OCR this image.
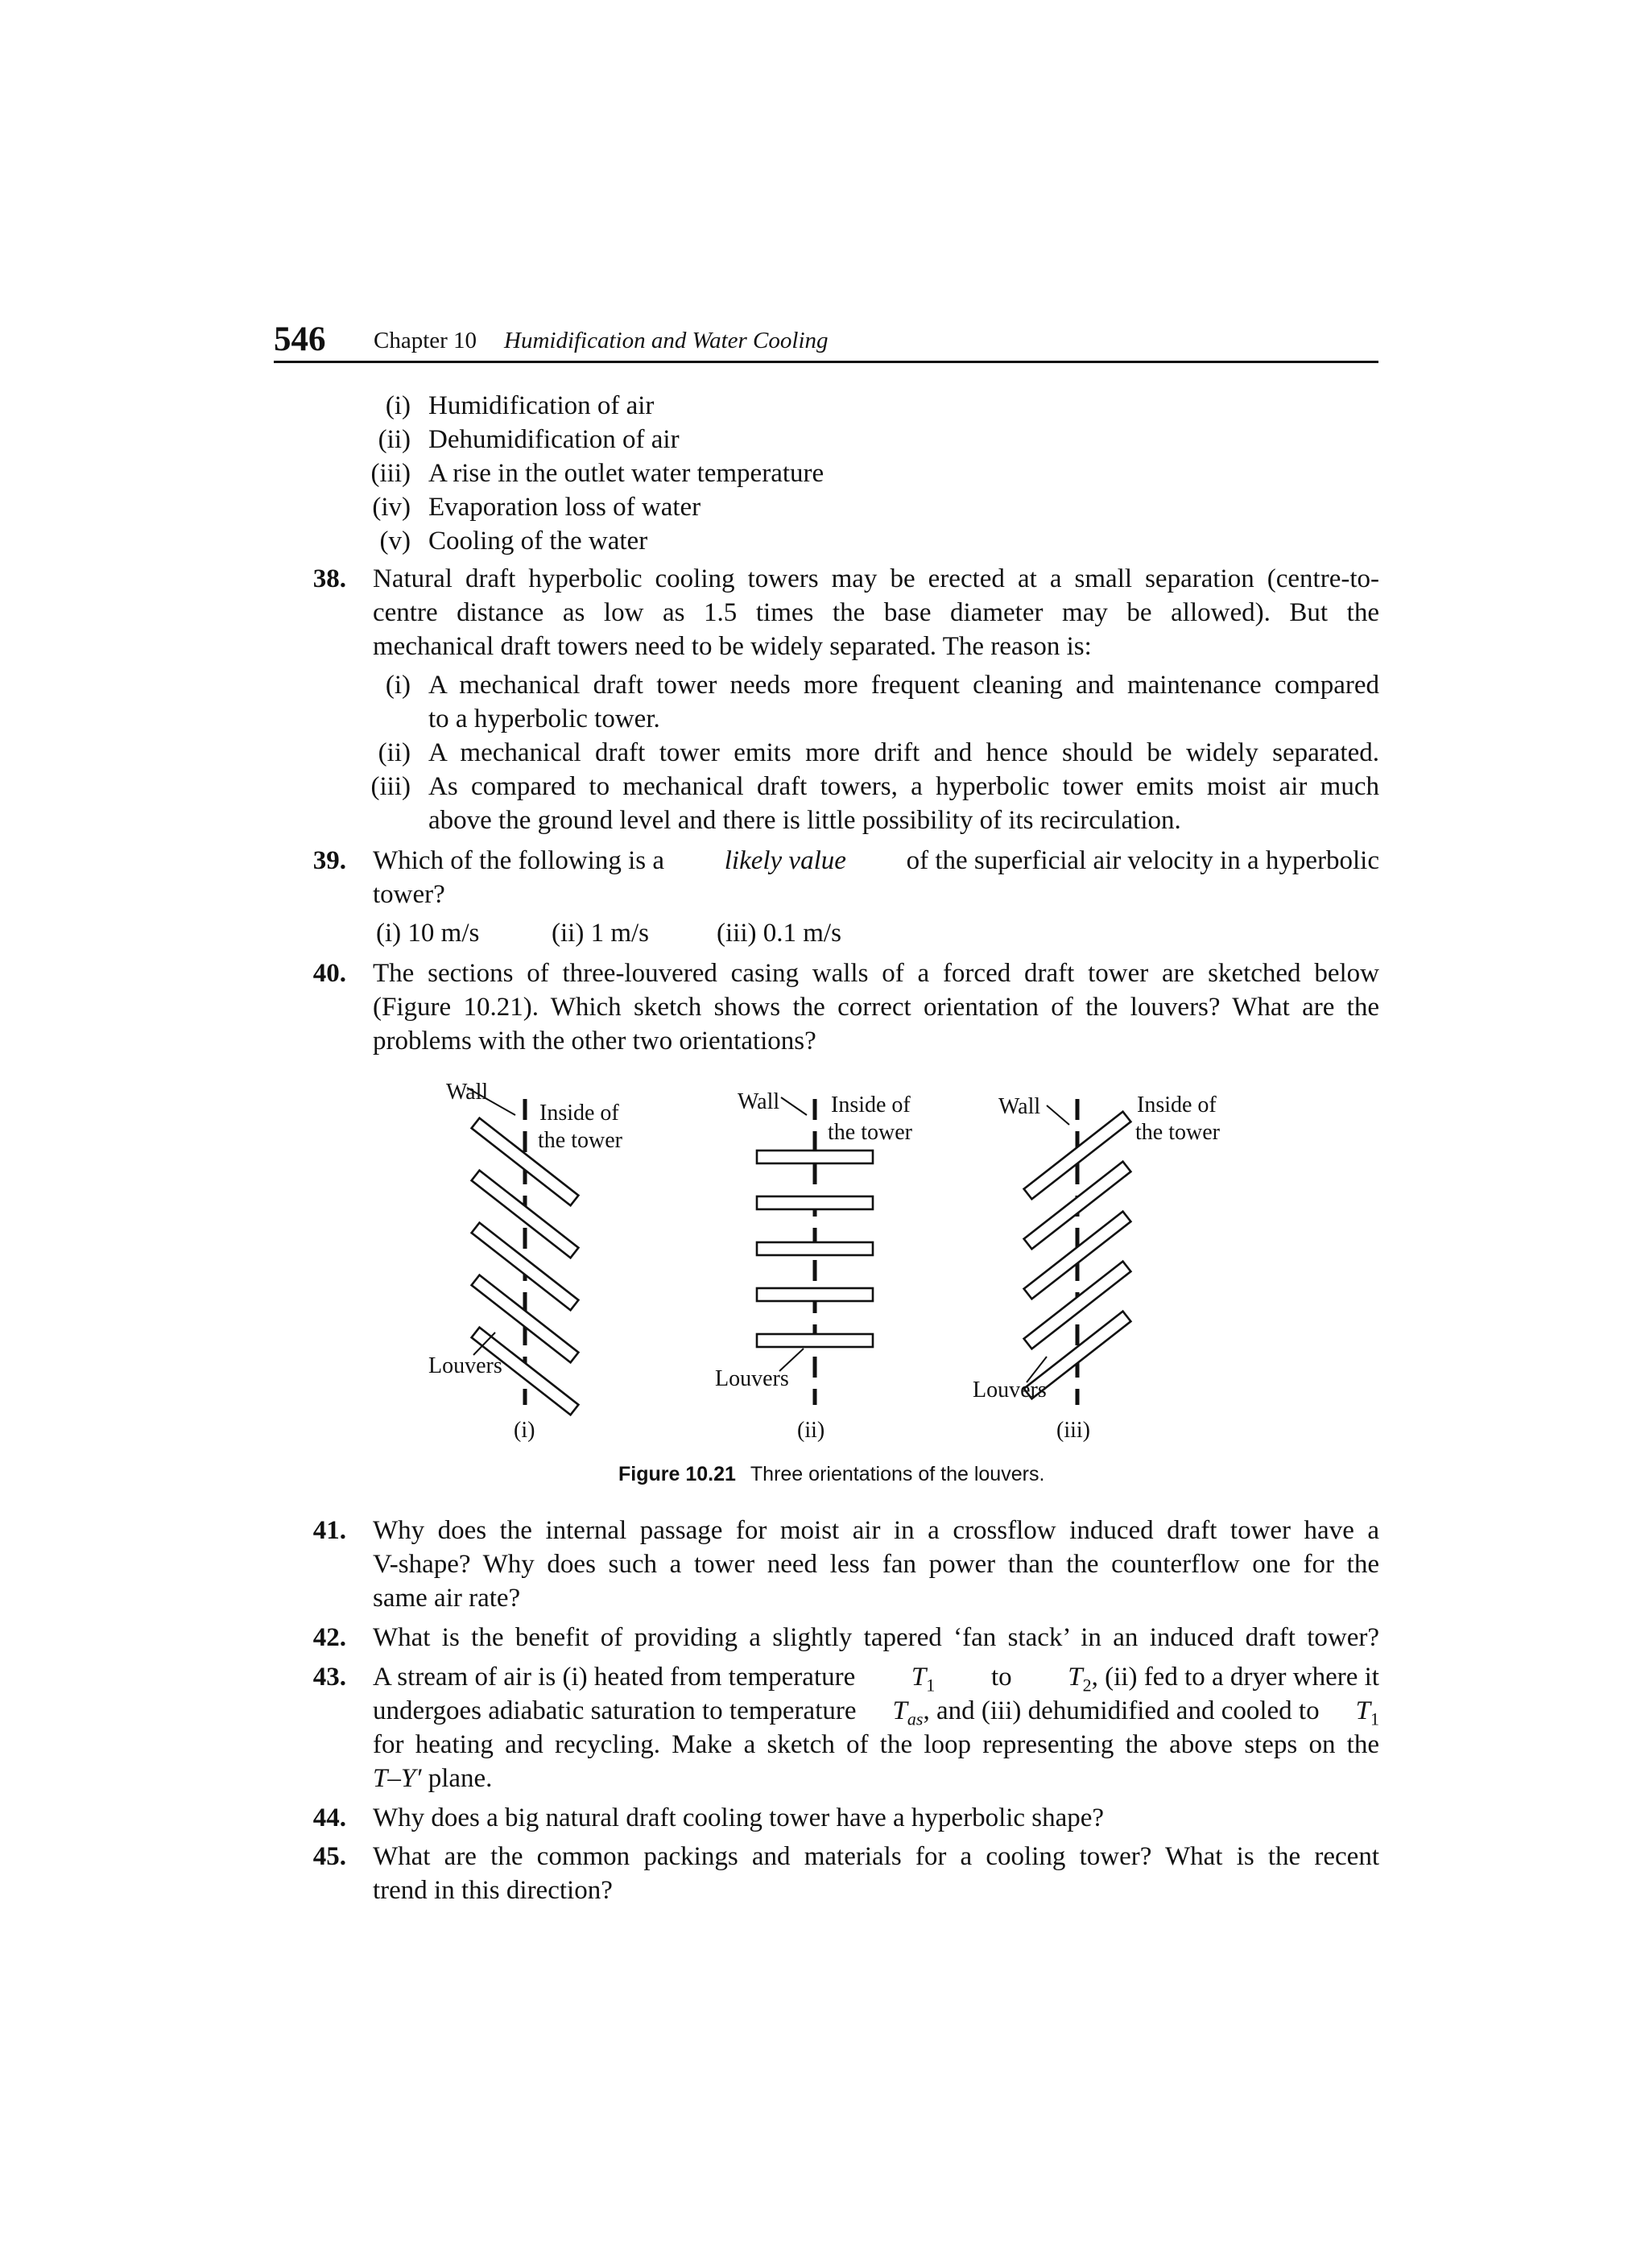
546 Chapter 10 Humidification and Water Cooling
(i) Humidification of air
(ii) Dehumidification of air
(iii) A rise in the outlet water temperature
(iv) Evaporation loss of water
(v) Cooling of the water
38. Natural draft hyperbolic cooling towers may be erected at a small separation (centre-to-
centre distance as low as 1.5 times the base diameter may be allowed). But the
mechanical draft towers need to be widely separated. The reason is:
(i) A mechanical draft tower needs more frequent cleaning and maintenance compared
to a hyperbolic tower.
(ii) A mechanical draft tower emits more drift and hence should be widely separated.
(iii) As compared to mechanical draft towers, a hyperbolic tower emits moist air much
above the ground level and there is little possibility of its recirculation.
39. Which of the following is a likely value of the superficial air velocity in a hyperbolic
tower?
(i) 10 m/s	(ii) 1 m/s	(iii) 0.1 m/s
40. The sections of three-louvered casing walls of a forced draft tower are sketched below
(Figure 10.21). Which sketch shows the correct orientation of the louvers? What are the
problems with the other two orientations?
Wall
Inside of
the tower
Louvers
(i)
Wall Inside of
the tower
Louvers
(ii)
Wall	Inside of
the tower
Louvers
(iii)
Figure 10.21 Three orientations of the louvers.
41. Why does the internal passage for moist air in a crossflow induced draft tower have a
V-shape? Why does such a tower need less fan power than the counterflow one for the
same air rate?
42. What is the benefit of providing a slightly tapered ‘fan stack’ in an induced draft tower?
43. A stream of air is (i) heated from temperature $T_1$ to $T_2$, (ii) fed to a dryer where it
undergoes adiabatic saturation to temperature $T_{as}$, and (iii) dehumidified and cooled to $T_1$
for heating and recycling. Make a sketch of the loop representing the above steps on the
T–Y′ plane.
44. Why does a big natural draft cooling tower have a hyperbolic shape?
45. What are the common packings and materials for a cooling tower? What is the recent
trend in this direction?
